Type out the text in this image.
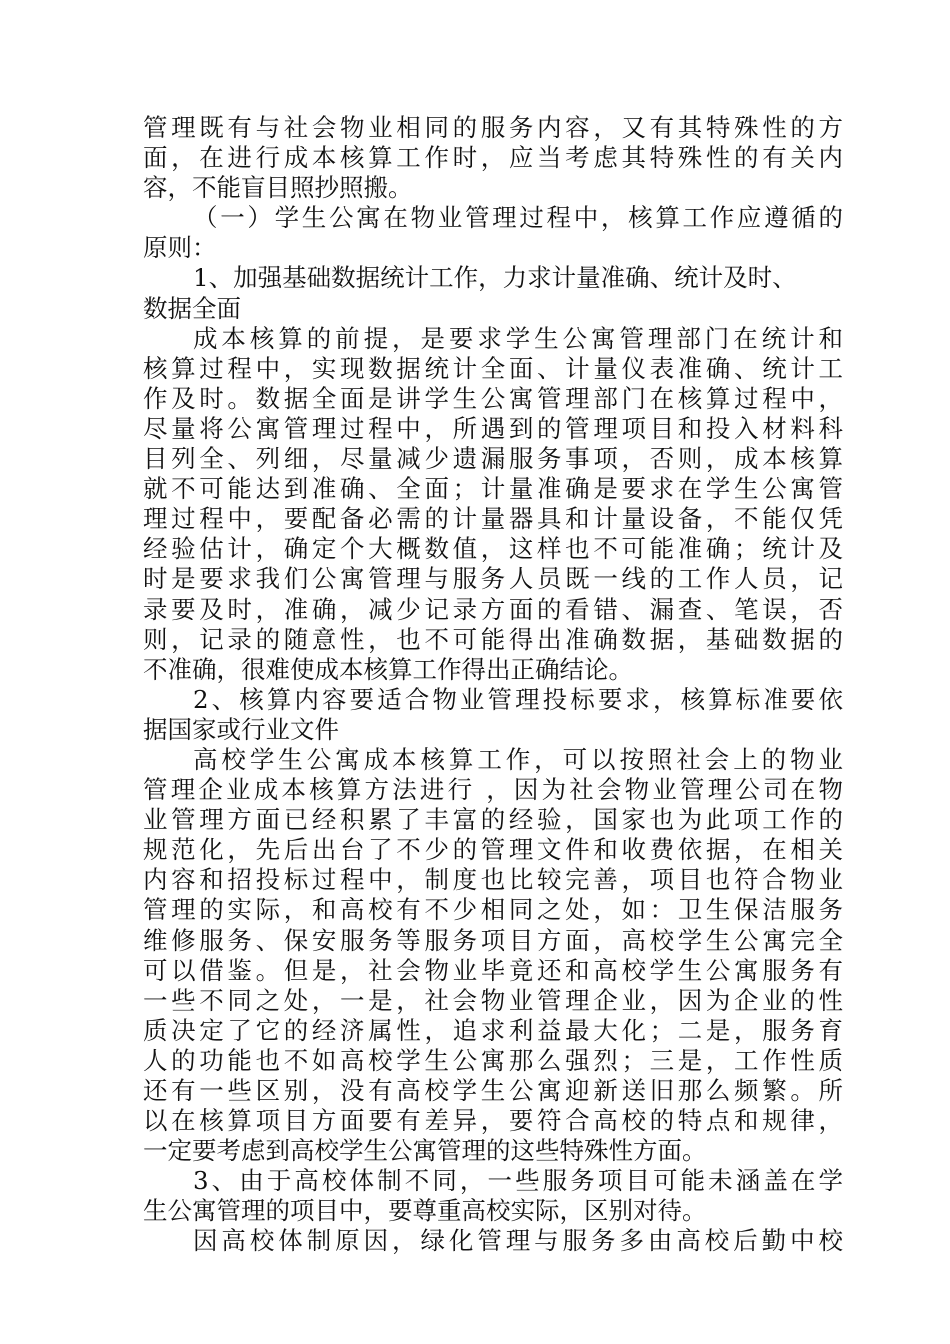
管理既有与社会物业相同的服务内容，又有其特殊性的方
面，在进行成本核算工作时，应当考虑其特殊性的有关内
容，不能盲目照抄照搬。
（一）学生公寓在物业管理过程中，核算工作应遵循的
原则：
1、加强基础数据统计工作，力求计量准确、统计及时、
数据全面
成本核算的前提，是要求学生公寓管理部门在统计和
核算过程中，实现数据统计全面、计量仪表准确、统计工
作及时。数据全面是讲学生公寓管理部门在核算过程中，
尽量将公寓管理过程中，所遇到的管理项目和投入材料科
目列全、列细，尽量减少遗漏服务事项，否则，成本核算
就不可能达到准确、全面；计量准确是要求在学生公寓管
理过程中，要配备必需的计量器具和计量设备，不能仅凭
经验估计，确定个大概数值，这样也不可能准确；统计及
时是要求我们公寓管理与服务人员既一线的工作人员，记
录要及时，准确，减少记录方面的看错、漏查、笔误，否
则，记录的随意性，也不可能得出准确数据，基础数据的
不准确，很难使成本核算工作得出正确结论。
2、核算内容要适合物业管理投标要求，核算标准要依
据国家或行业文件
高校学生公寓成本核算工作，可以按照社会上的物业
管理企业成本核算方法进行 ，因为社会物业管理公司在物
业管理方面已经积累了丰富的经验，国家也为此项工作的
规范化，先后出台了不少的管理文件和收费依据，在相关
内容和招投标过程中，制度也比较完善，项目也符合物业
管理的实际，和高校有不少相同之处，如：卫生保洁服务
维修服务、保安服务等服务项目方面，高校学生公寓完全
可以借鉴。但是，社会物业毕竟还和高校学生公寓服务有
一些不同之处，一是，社会物业管理企业，因为企业的性
质决定了它的经济属性，追求利益最大化；二是，服务育
人的功能也不如高校学生公寓那么强烈；三是，工作性质
还有一些区别，没有高校学生公寓迎新送旧那么频繁。所
以在核算项目方面要有差异，要符合高校的特点和规律，
一定要考虑到高校学生公寓管理的这些特殊性方面。
3、由于高校体制不同，一些服务项目可能未涵盖在学
生公寓管理的项目中，要尊重高校实际，区别对待。
因高校体制原因，绿化管理与服务多由高校后勤中校
